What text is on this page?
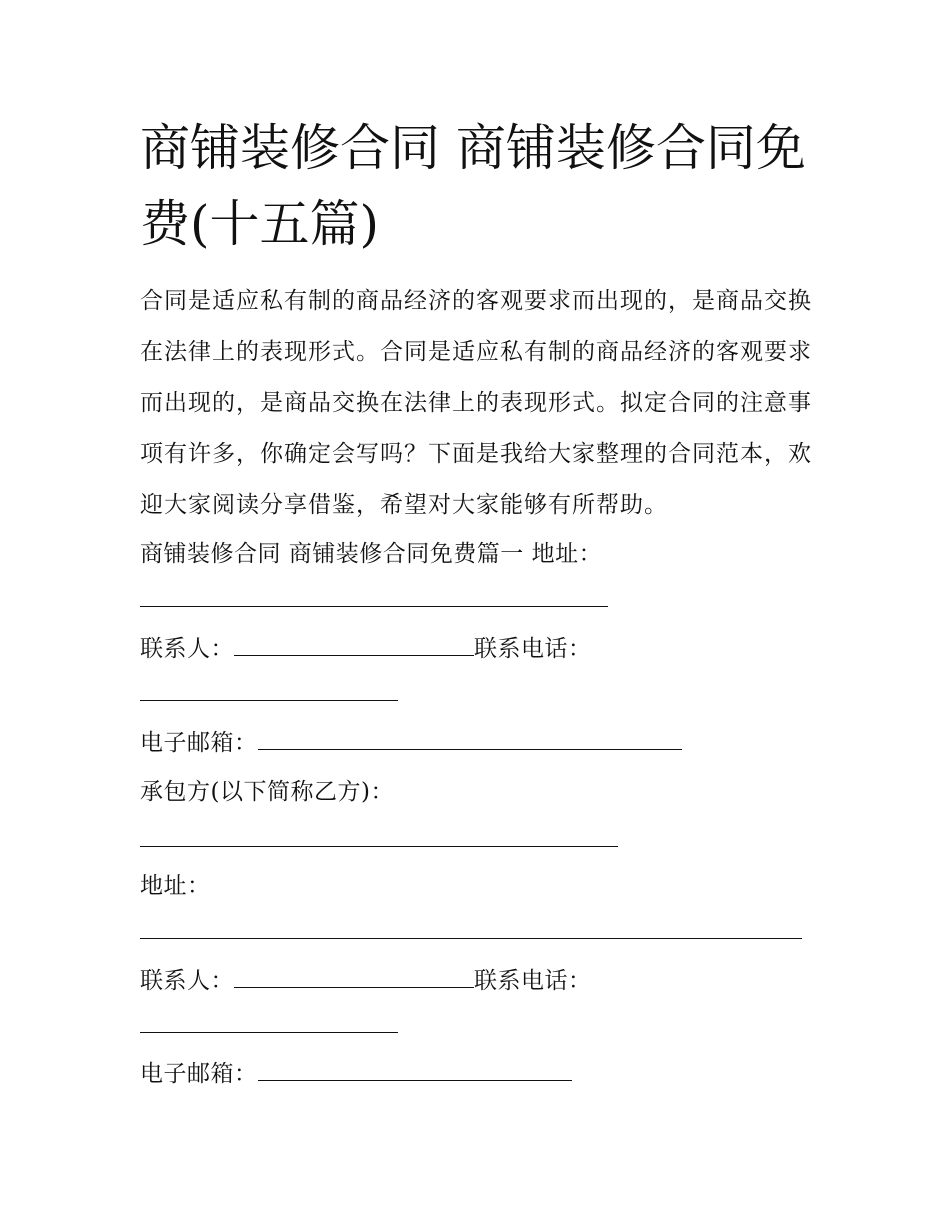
商铺装修合同 商铺装修合同免费(十五篇)

合同是适应私有制的商品经济的客观要求而出现的，是商品交换在法律上的表现形式。合同是适应私有制的商品经济的客观要求而出现的，是商品交换在法律上的表现形式。拟定合同的注意事项有许多，你确定会写吗？下面是我给大家整理的合同范本，欢迎大家阅读分享借鉴，希望对大家能够有所帮助。

商铺装修合同 商铺装修合同免费篇一 地址：
联系人：	联系电话：
电子邮箱：
承包方(以下简称乙方)：
地址：
联系人：	联系电话：
电子邮箱：
